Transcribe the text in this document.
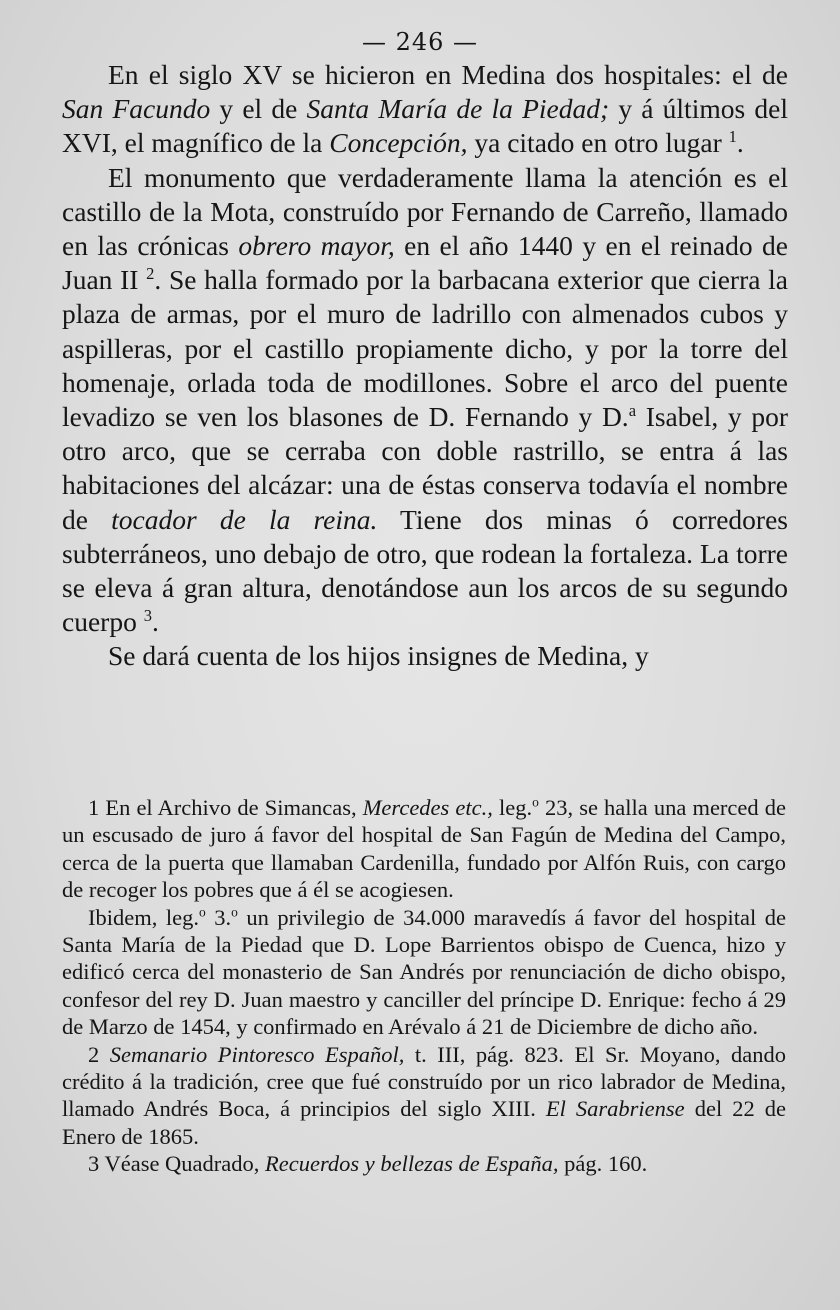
— 246 —

En el siglo XV se hicieron en Medina dos hospitales: el de San Facundo y el de Santa María de la Piedad; y á últimos del XVI, el magnífico de la Concepción, ya citado en otro lugar $^1$.

El monumento que verdaderamente llama la atención es el castillo de la Mota, construído por Fernando de Carreño, llamado en las crónicas obrero mayor, en el año 1440 y en el reinado de Juan II $^2$. Se halla formado por la barbacana exterior que cierra la plaza de armas, por el muro de ladrillo con almenados cubos y aspilleras, por el castillo propiamente dicho, y por la torre del homenaje, orlada toda de modillones. Sobre el arco del puente levadizo se ven los blasones de D. Fernando y D.$^a$ Isabel, y por otro arco, que se cerraba con doble rastrillo, se entra á las habitaciones del alcázar: una de éstas conserva todavía el nombre de tocador de la reina. Tiene dos minas ó corredores subterráneos, uno debajo de otro, que rodean la fortaleza. La torre se eleva á gran altura, denotándose aun los arcos de su segundo cuerpo $^3$.

Se dará cuenta de los hijos insignes de Medina, y

1 En el Archivo de Simancas, Mercedes etc., leg.$^o$ 23, se halla una merced de un escusado de juro á favor del hospital de San Fagún de Medina del Campo, cerca de la puerta que llamaban Cardenilla, fundado por Alfón Ruis, con cargo de recoger los pobres que á él se acogiesen.

Ibidem, leg.$^o$ 3.$^o$ un privilegio de 34.000 maravedís á favor del hospital de Santa María de la Piedad que D. Lope Barrientos obispo de Cuenca, hizo y edificó cerca del monasterio de San Andrés por renunciación de dicho obispo, confesor del rey D. Juan maestro y canciller del príncipe D. Enrique: fecho á 29 de Marzo de 1454, y confirmado en Arévalo á 21 de Diciembre de dicho año.

2 Semanario Pintoresco Español, t. III, pág. 823. El Sr. Moyano, dando crédito á la tradición, cree que fué construído por un rico labrador de Medina, llamado Andrés Boca, á principios del siglo XIII. El Sarabriense del 22 de Enero de 1865.

3 Véase Quadrado, Recuerdos y bellezas de España, pág. 160.
